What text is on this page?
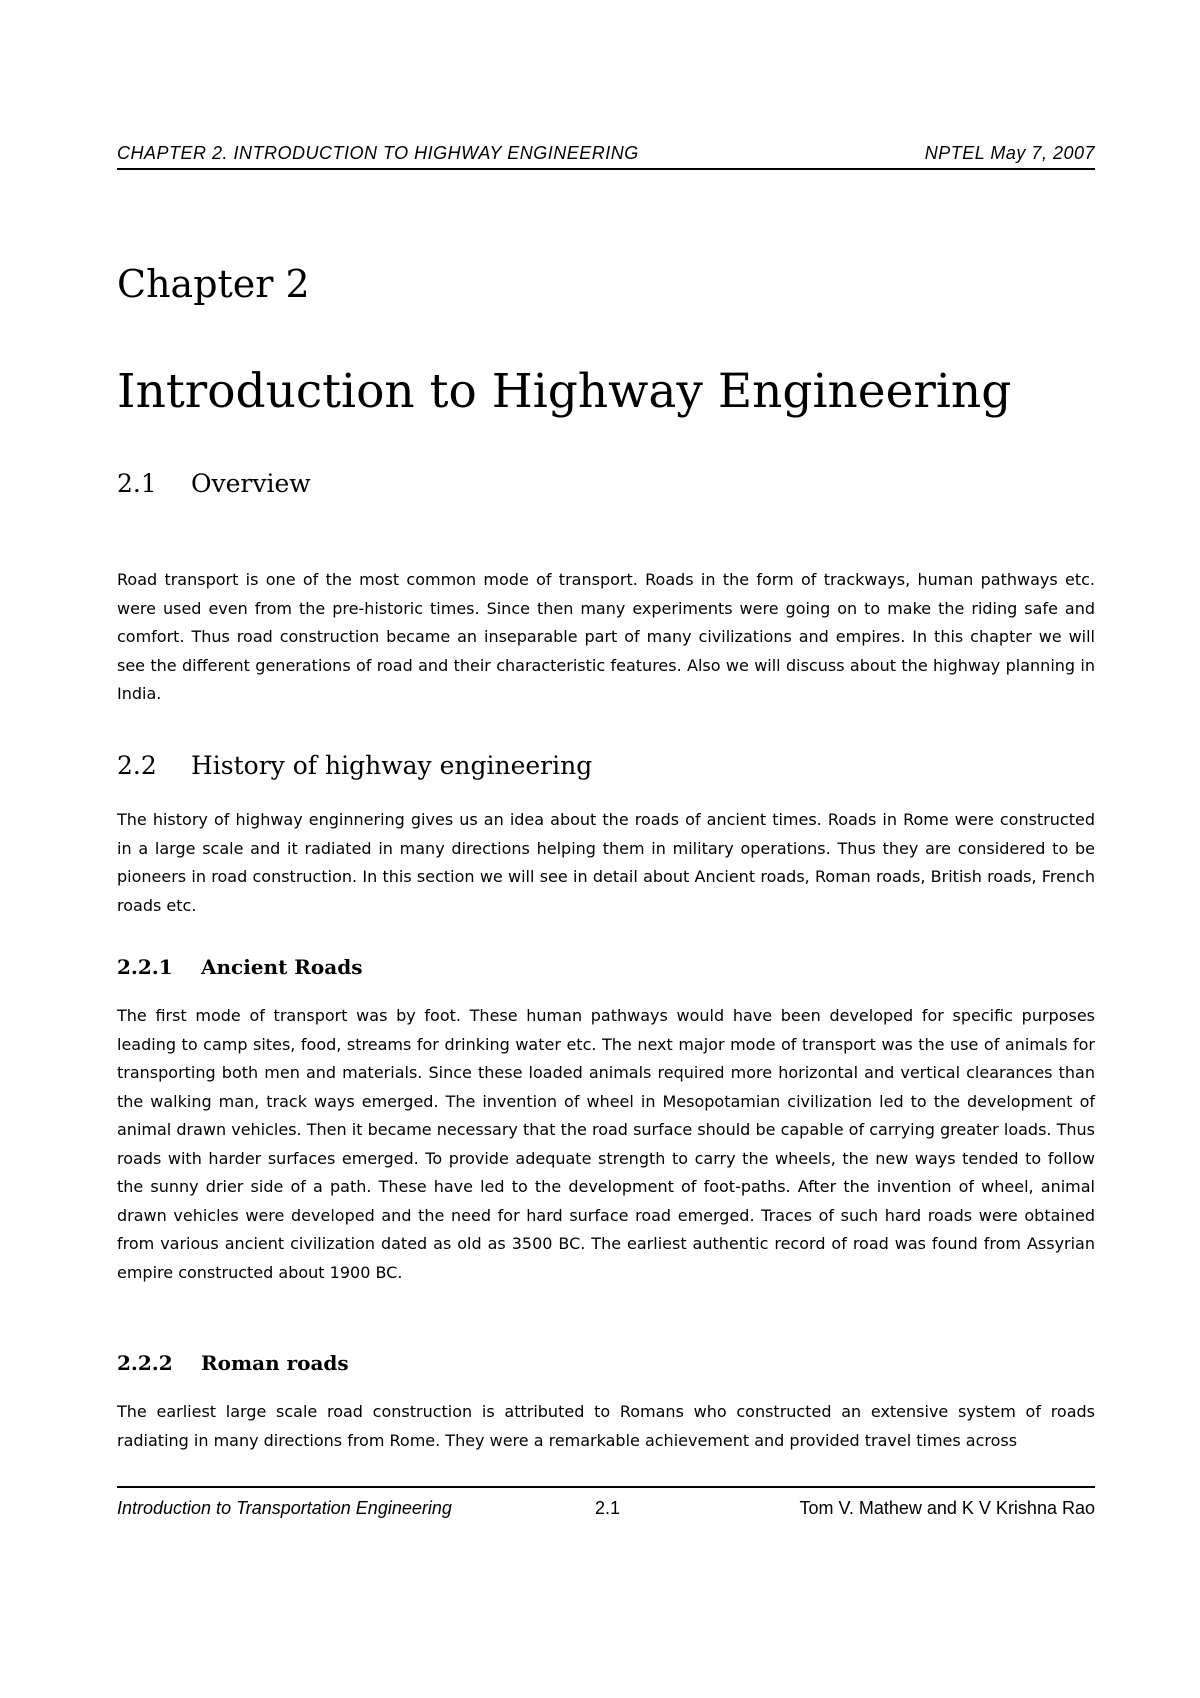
CHAPTER 2. INTRODUCTION TO HIGHWAY ENGINEERING	NPTEL May 7, 2007
Chapter 2
Introduction to Highway Engineering
2.1 Overview

Road transport is one of the most common mode of transport. Roads in the form of trackways, human pathways etc. were used even from the pre-historic times. Since then many experiments were going on to make the riding safe and comfort. Thus road construction became an inseparable part of many civilizations and empires. In this chapter we will see the different generations of road and their characteristic features. Also we will discuss about the highway planning in India.

2.2 History of highway engineering

The history of highway enginnering gives us an idea about the roads of ancient times. Roads in Rome were constructed in a large scale and it radiated in many directions helping them in military operations. Thus they are considered to be pioneers in road construction. In this section we will see in detail about Ancient roads, Roman roads, British roads, French roads etc.

2.2.1 Ancient Roads

The first mode of transport was by foot. These human pathways would have been developed for specific purposes leading to camp sites, food, streams for drinking water etc. The next major mode of transport was the use of animals for transporting both men and materials. Since these loaded animals required more horizontal and vertical clearances than the walking man, track ways emerged. The invention of wheel in Mesopotamian civilization led to the development of animal drawn vehicles. Then it became necessary that the road surface should be capable of carrying greater loads. Thus roads with harder surfaces emerged. To provide adequate strength to carry the wheels, the new ways tended to follow the sunny drier side of a path. These have led to the development of foot-paths. After the invention of wheel, animal drawn vehicles were developed and the need for hard surface road emerged. Traces of such hard roads were obtained from various ancient civilization dated as old as 3500 BC. The earliest authentic record of road was found from Assyrian empire constructed about 1900 BC.

2.2.2 Roman roads

The earliest large scale road construction is attributed to Romans who constructed an extensive system of roads radiating in many directions from Rome. They were a remarkable achievement and provided travel times across

Introduction to Transportation Engineering	2.1	Tom V. Mathew and K V Krishna Rao
